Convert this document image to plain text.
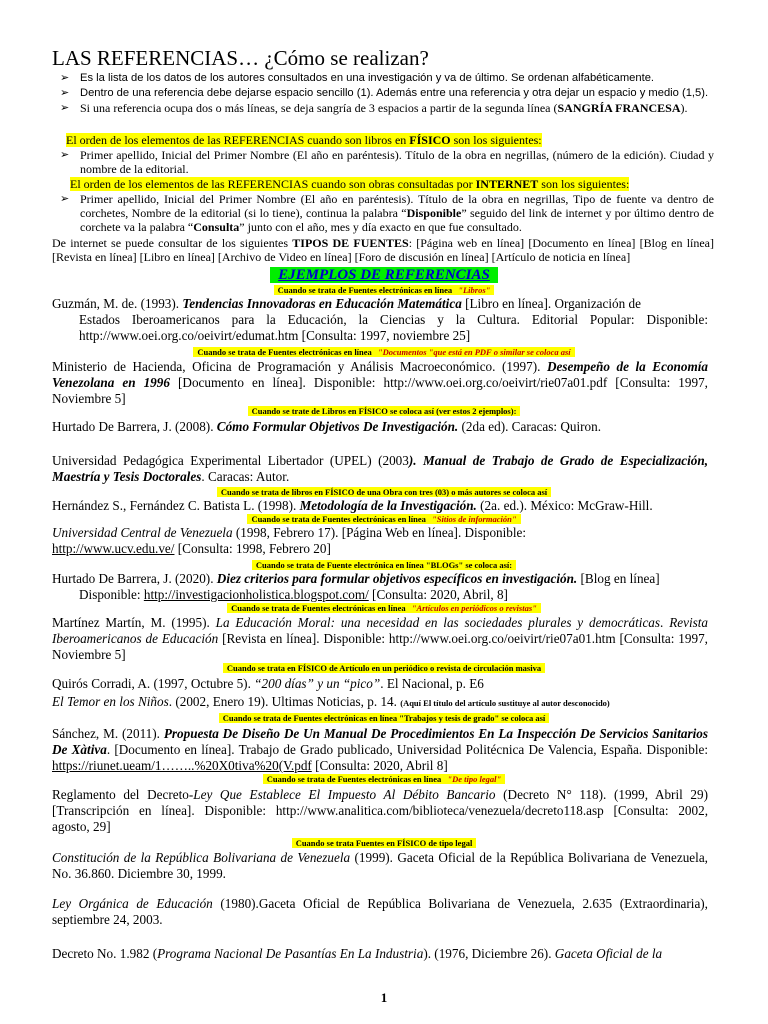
LAS REFERENCIAS… ¿Cómo se realizan?
➢ Es la lista de los datos de los autores consultados en una investigación y va de último. Se ordenan alfabéticamente.
➢ Dentro de una referencia debe dejarse espacio sencillo (1). Además entre una referencia y otra dejar un espacio y medio (1,5).
➢ Si una referencia ocupa dos o más líneas, se deja sangría de 3 espacios a partir de la segunda línea (SANGRÍA FRANCESA).
El orden de los elementos de las REFERENCIAS cuando son libros en FÍSICO son los siguientes:
➢ Primer apellido, Inicial del Primer Nombre (El año en paréntesis). Título de la obra en negrillas, (número de la edición). Ciudad y nombre de la editorial.
El orden de los elementos de las REFERENCIAS cuando son obras consultadas por INTERNET son los siguientes:
➢ Primer apellido, Inicial del Primer Nombre (El año en paréntesis). Título de la obra en negrillas, Tipo de fuente va dentro de corchetes, Nombre de la editorial (si lo tiene), continua la palabra “Disponible” seguido del link de internet y por último dentro de corchete va la palabra “Consulta” junto con el año, mes y día exacto en que fue consultado.
De internet se puede consultar de los siguientes TIPOS DE FUENTES: [Página web en línea] [Documento en línea] [Blog en línea] [Revista en línea] [Libro en línea] [Archivo de Video en línea] [Foro de discusión en línea] [Artículo de noticia en línea]
EJEMPLOS DE REFERENCIAS
Cuando se trata de Fuentes electrónicas en línea "Libros"
Guzmán, M. de. (1993). Tendencias Innovadoras en Educación Matemática [Libro en línea]. Organización de
Estados Iberoamericanos para la Educación, la Ciencias y la Cultura. Editorial Popular: Disponible: http://www.oei.org.co/oeivirt/edumat.htm [Consulta: 1997, noviembre 25]
Cuando se trata de Fuentes electrónicas en línea "Documentos "que está en PDF o similar se coloca así
Ministerio de Hacienda, Oficina de Programación y Análisis Macroeconómico. (1997). Desempeño de la Economía Venezolana en 1996 [Documento en línea]. Disponible: http://www.oei.org.co/oeivirt/rie07a01.pdf [Consulta: 1997, Noviembre 5]
Cuando se trate de Libros en FÍSICO se coloca así (ver estos 2 ejemplos):
Hurtado De Barrera, J. (2008). Cómo Formular Objetivos De Investigación. (2da ed). Caracas: Quiron.
Universidad Pedagógica Experimental Libertador (UPEL) (2003). Manual de Trabajo de Grado de Especialización, Maestría y Tesis Doctorales. Caracas: Autor.
Cuando se trata de libros en FÍSICO de una Obra con tres (03) o más autores se coloca así
Hernández S., Fernández C. Batista L. (1998). Metodología de la Investigación. (2a. ed.). México: McGraw-Hill.
Cuando se trata de Fuentes electrónicas en línea "Sitios de información"
Universidad Central de Venezuela (1998, Febrero 17). [Página Web en línea]. Disponible:
http://www.ucv.edu.ve/ [Consulta: 1998, Febrero 20]
Cuando se trata de Fuente electrónica en línea "BLOGs" se coloca así:
Hurtado De Barrera, J. (2020). Diez criterios para formular objetivos específicos en investigación. [Blog en línea]
Disponible: http://investigacionholistica.blogspot.com/ [Consulta: 2020, Abril, 8]
Cuando se trata de Fuentes electrónicas en línea "Artículos en periódicos o revistas"
Martínez Martín, M. (1995). La Educación Moral: una necesidad en las sociedades plurales y democráticas. Revista Iberoamericanos de Educación [Revista en línea]. Disponible: http://www.oei.org.co/oeivirt/rie07a01.htm [Consulta: 1997, Noviembre 5]
Cuando se trata en FÍSICO de Artículo en un periódico o revista de circulación masiva
Quirós Corradi, A. (1997, Octubre 5). “200 días” y un “pico”. El Nacional, p. E6
El Temor en los Niños. (2002, Enero 19). Ultimas Noticias, p. 14. (Aquí El título del artículo sustituye al autor desconocido)
Cuando se trata de Fuentes electrónicas en línea "Trabajos y tesis de grado" se coloca así
Sánchez, M. (2011). Propuesta De Diseño De Un Manual De Procedimientos En La Inspección De Servicios Sanitarios De Xàtiva. [Documento en línea]. Trabajo de Grado publicado, Universidad Politécnica De Valencia, España. Disponible: https://riunet.ueam/1……..%20X0tiva%20(V.pdf [Consulta: 2020, Abril 8]
Cuando se trata de Fuentes electrónicas en línea "De tipo legal"
Reglamento del Decreto-Ley Que Establece El Impuesto Al Débito Bancario (Decreto N° 118). (1999, Abril 29) [Transcripción en línea]. Disponible: http://www.analitica.com/biblioteca/venezuela/decreto118.asp [Consulta: 2002, agosto, 29]
Cuando se trata Fuentes en FÍSICO de tipo legal
Constitución de la República Bolivariana de Venezuela (1999). Gaceta Oficial de la República Bolivariana de Venezuela, No. 36.860. Diciembre 30, 1999.
Ley Orgánica de Educación (1980).Gaceta Oficial de República Bolivariana de Venezuela, 2.635 (Extraordinaria), septiembre 24, 2003.
Decreto No. 1.982 (Programa Nacional De Pasantías En La Industria). (1976, Diciembre 26). Gaceta Oficial de la
1
